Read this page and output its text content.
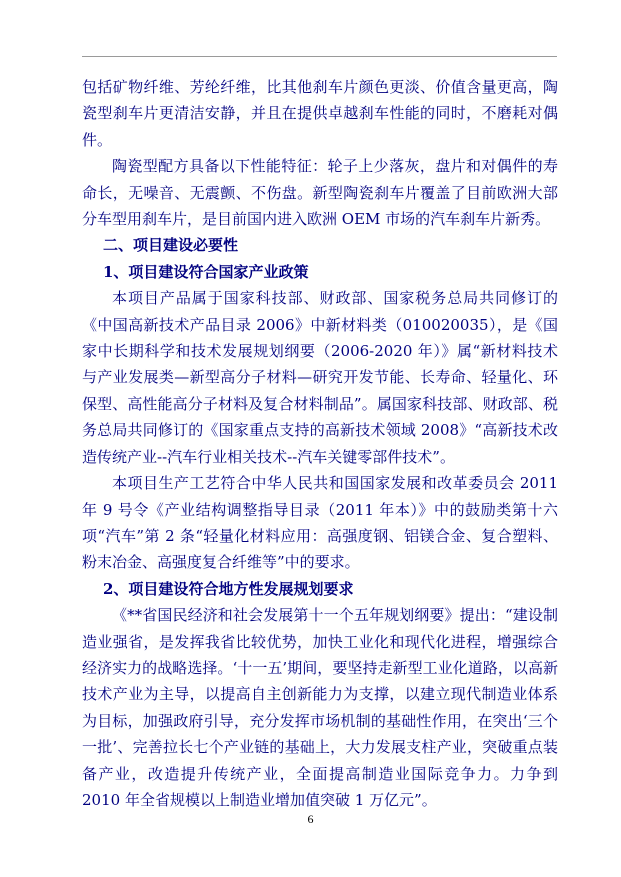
包括矿物纤维、芳纶纤维，比其他刹车片颜色更淡、价值含量更高，陶瓷型刹车片更清洁安静，并且在提供卓越刹车性能的同时，不磨耗对偶件。

陶瓷型配方具备以下性能特征：轮子上少落灰，盘片和对偶件的寿命长，无噪音、无震颤、不伤盘。新型陶瓷刹车片覆盖了目前欧洲大部分车型用刹车片，是目前国内进入欧洲 OEM 市场的汽车刹车片新秀。

二、项目建设必要性

1、项目建设符合国家产业政策

本项目产品属于国家科技部、财政部、国家税务总局共同修订的《中国高新技术产品目录 2006》中新材料类（010020035），是《国家中长期科学和技术发展规划纲要（2006-2020 年）》属“新材料技术与产业发展类—新型高分子材料—研究开发节能、长寿命、轻量化、环保型、高性能高分子材料及复合材料制品”。属国家科技部、财政部、税务总局共同修订的《国家重点支持的高新技术领域 2008》“高新技术改造传统产业--汽车行业相关技术--汽车关键零部件技术”。

本项目生产工艺符合中华人民共和国国家发展和改革委员会 2011 年 9 号令《产业结构调整指导目录（2011 年本）》中的鼓励类第十六项“汽车”第 2 条“轻量化材料应用：高强度钢、铝镁合金、复合塑料、粉末冶金、高强度复合纤维等”中的要求。

2、项目建设符合地方性发展规划要求

《**省国民经济和社会发展第十一个五年规划纲要》提出：“建设制造业强省，是发挥我省比较优势，加快工业化和现代化进程，增强综合经济实力的战略选择。‘十一五’期间，要坚持走新型工业化道路，以高新技术产业为主导，以提高自主创新能力为支撑，以建立现代制造业体系为目标，加强政府引导，充分发挥市场机制的基础性作用，在突出‘三个一批’、完善拉长七个产业链的基础上，大力发展支柱产业，突破重点装备产业，改造提升传统产业，全面提高制造业国际竞争力。力争到 2010 年全省规模以上制造业增加值突破 1 万亿元”。

6
